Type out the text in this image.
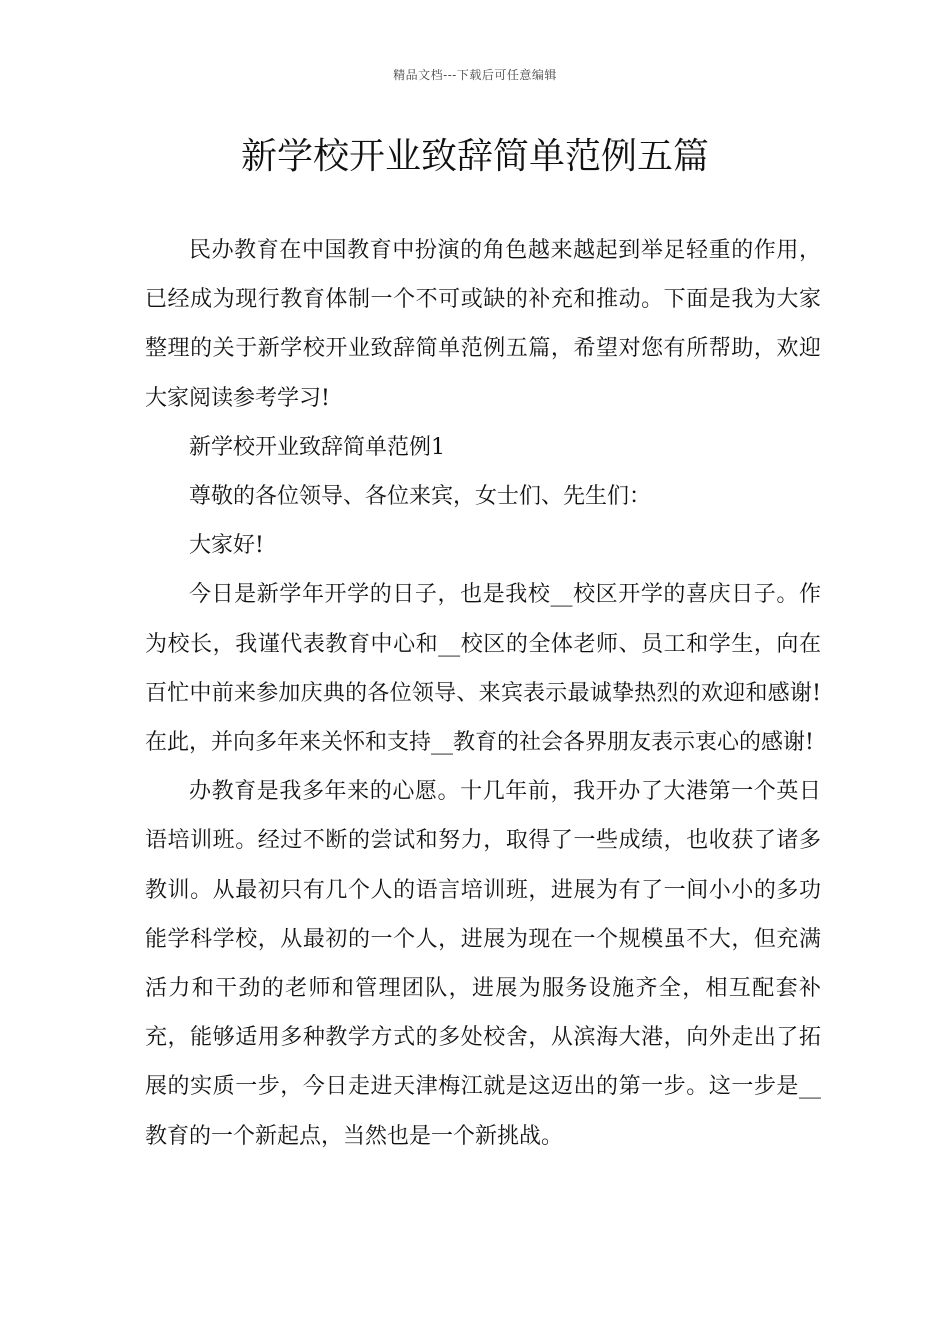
精品文档---下载后可任意编辑
新学校开业致辞简单范例五篇

民办教育在中国教育中扮演的角色越来越起到举足轻重的作用，已经成为现行教育体制一个不可或缺的补充和推动。下面是我为大家整理的关于新学校开业致辞简单范例五篇，希望对您有所帮助，欢迎大家阅读参考学习!

新学校开业致辞简单范例1

尊敬的各位领导、各位来宾，女士们、先生们：

大家好!

今日是新学年开学的日子，也是我校__校区开学的喜庆日子。作为校长，我谨代表教育中心和__校区的全体老师、员工和学生，向在百忙中前来参加庆典的各位领导、来宾表示最诚挚热烈的欢迎和感谢!在此，并向多年来关怀和支持__教育的社会各界朋友表示衷心的感谢!

办教育是我多年来的心愿。十几年前，我开办了大港第一个英日语培训班。经过不断的尝试和努力，取得了一些成绩，也收获了诸多教训。从最初只有几个人的语言培训班，进展为有了一间小小的多功能学科学校，从最初的一个人，进展为现在一个规模虽不大，但充满活力和干劲的老师和管理团队，进展为服务设施齐全，相互配套补充，能够适用多种教学方式的多处校舍，从滨海大港，向外走出了拓展的实质一步，今日走进天津梅江就是这迈出的第一步。这一步是__教育的一个新起点，当然也是一个新挑战。
